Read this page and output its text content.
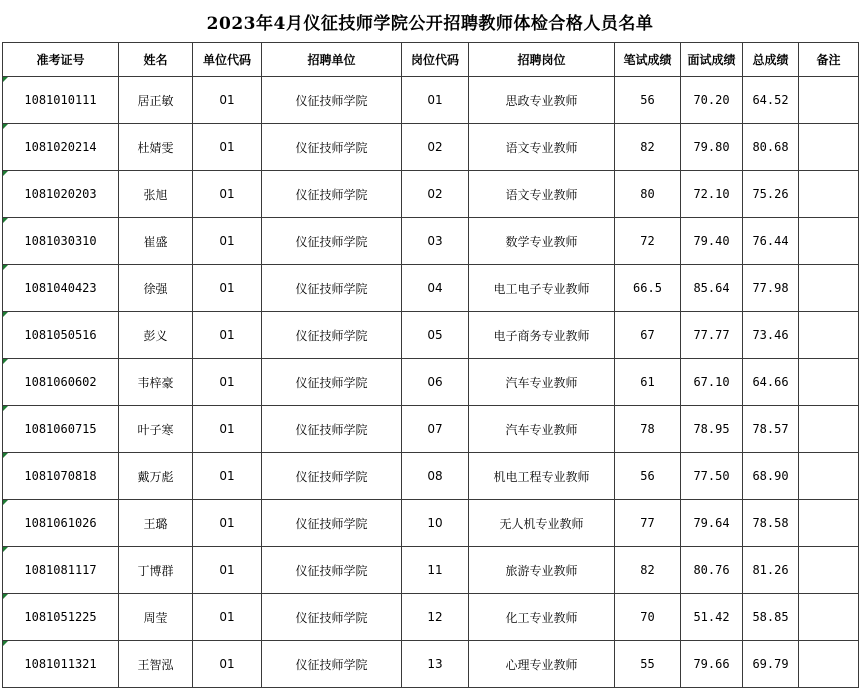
2023年4月仪征技师学院公开招聘教师体检合格人员名单
准考证号	姓名	单位代码	招聘单位	岗位代码	招聘岗位	笔试成绩	面试成绩	总成绩	备注
1081010111	居正敏	01	仪征技师学院	01	思政专业教师	56	70.20	64.52	
1081020214	杜婧雯	01	仪征技师学院	02	语文专业教师	82	79.80	80.68	
1081020203	张旭	01	仪征技师学院	02	语文专业教师	80	72.10	75.26	
1081030310	崔盛	01	仪征技师学院	03	数学专业教师	72	79.40	76.44	
1081040423	徐强	01	仪征技师学院	04	电工电子专业教师	66.5	85.64	77.98	
1081050516	彭义	01	仪征技师学院	05	电子商务专业教师	67	77.77	73.46	
1081060602	韦梓豪	01	仪征技师学院	06	汽车专业教师	61	67.10	64.66	
1081060715	叶子寒	01	仪征技师学院	07	汽车专业教师	78	78.95	78.57	
1081070818	戴万彪	01	仪征技师学院	08	机电工程专业教师	56	77.50	68.90	
1081061026	王璐	01	仪征技师学院	10	无人机专业教师	77	79.64	78.58	
1081081117	丁博群	01	仪征技师学院	11	旅游专业教师	82	80.76	81.26	
1081051225	周莹	01	仪征技师学院	12	化工专业教师	70	51.42	58.85	
1081011321	王智泓	01	仪征技师学院	13	心理专业教师	55	79.66	69.79	
